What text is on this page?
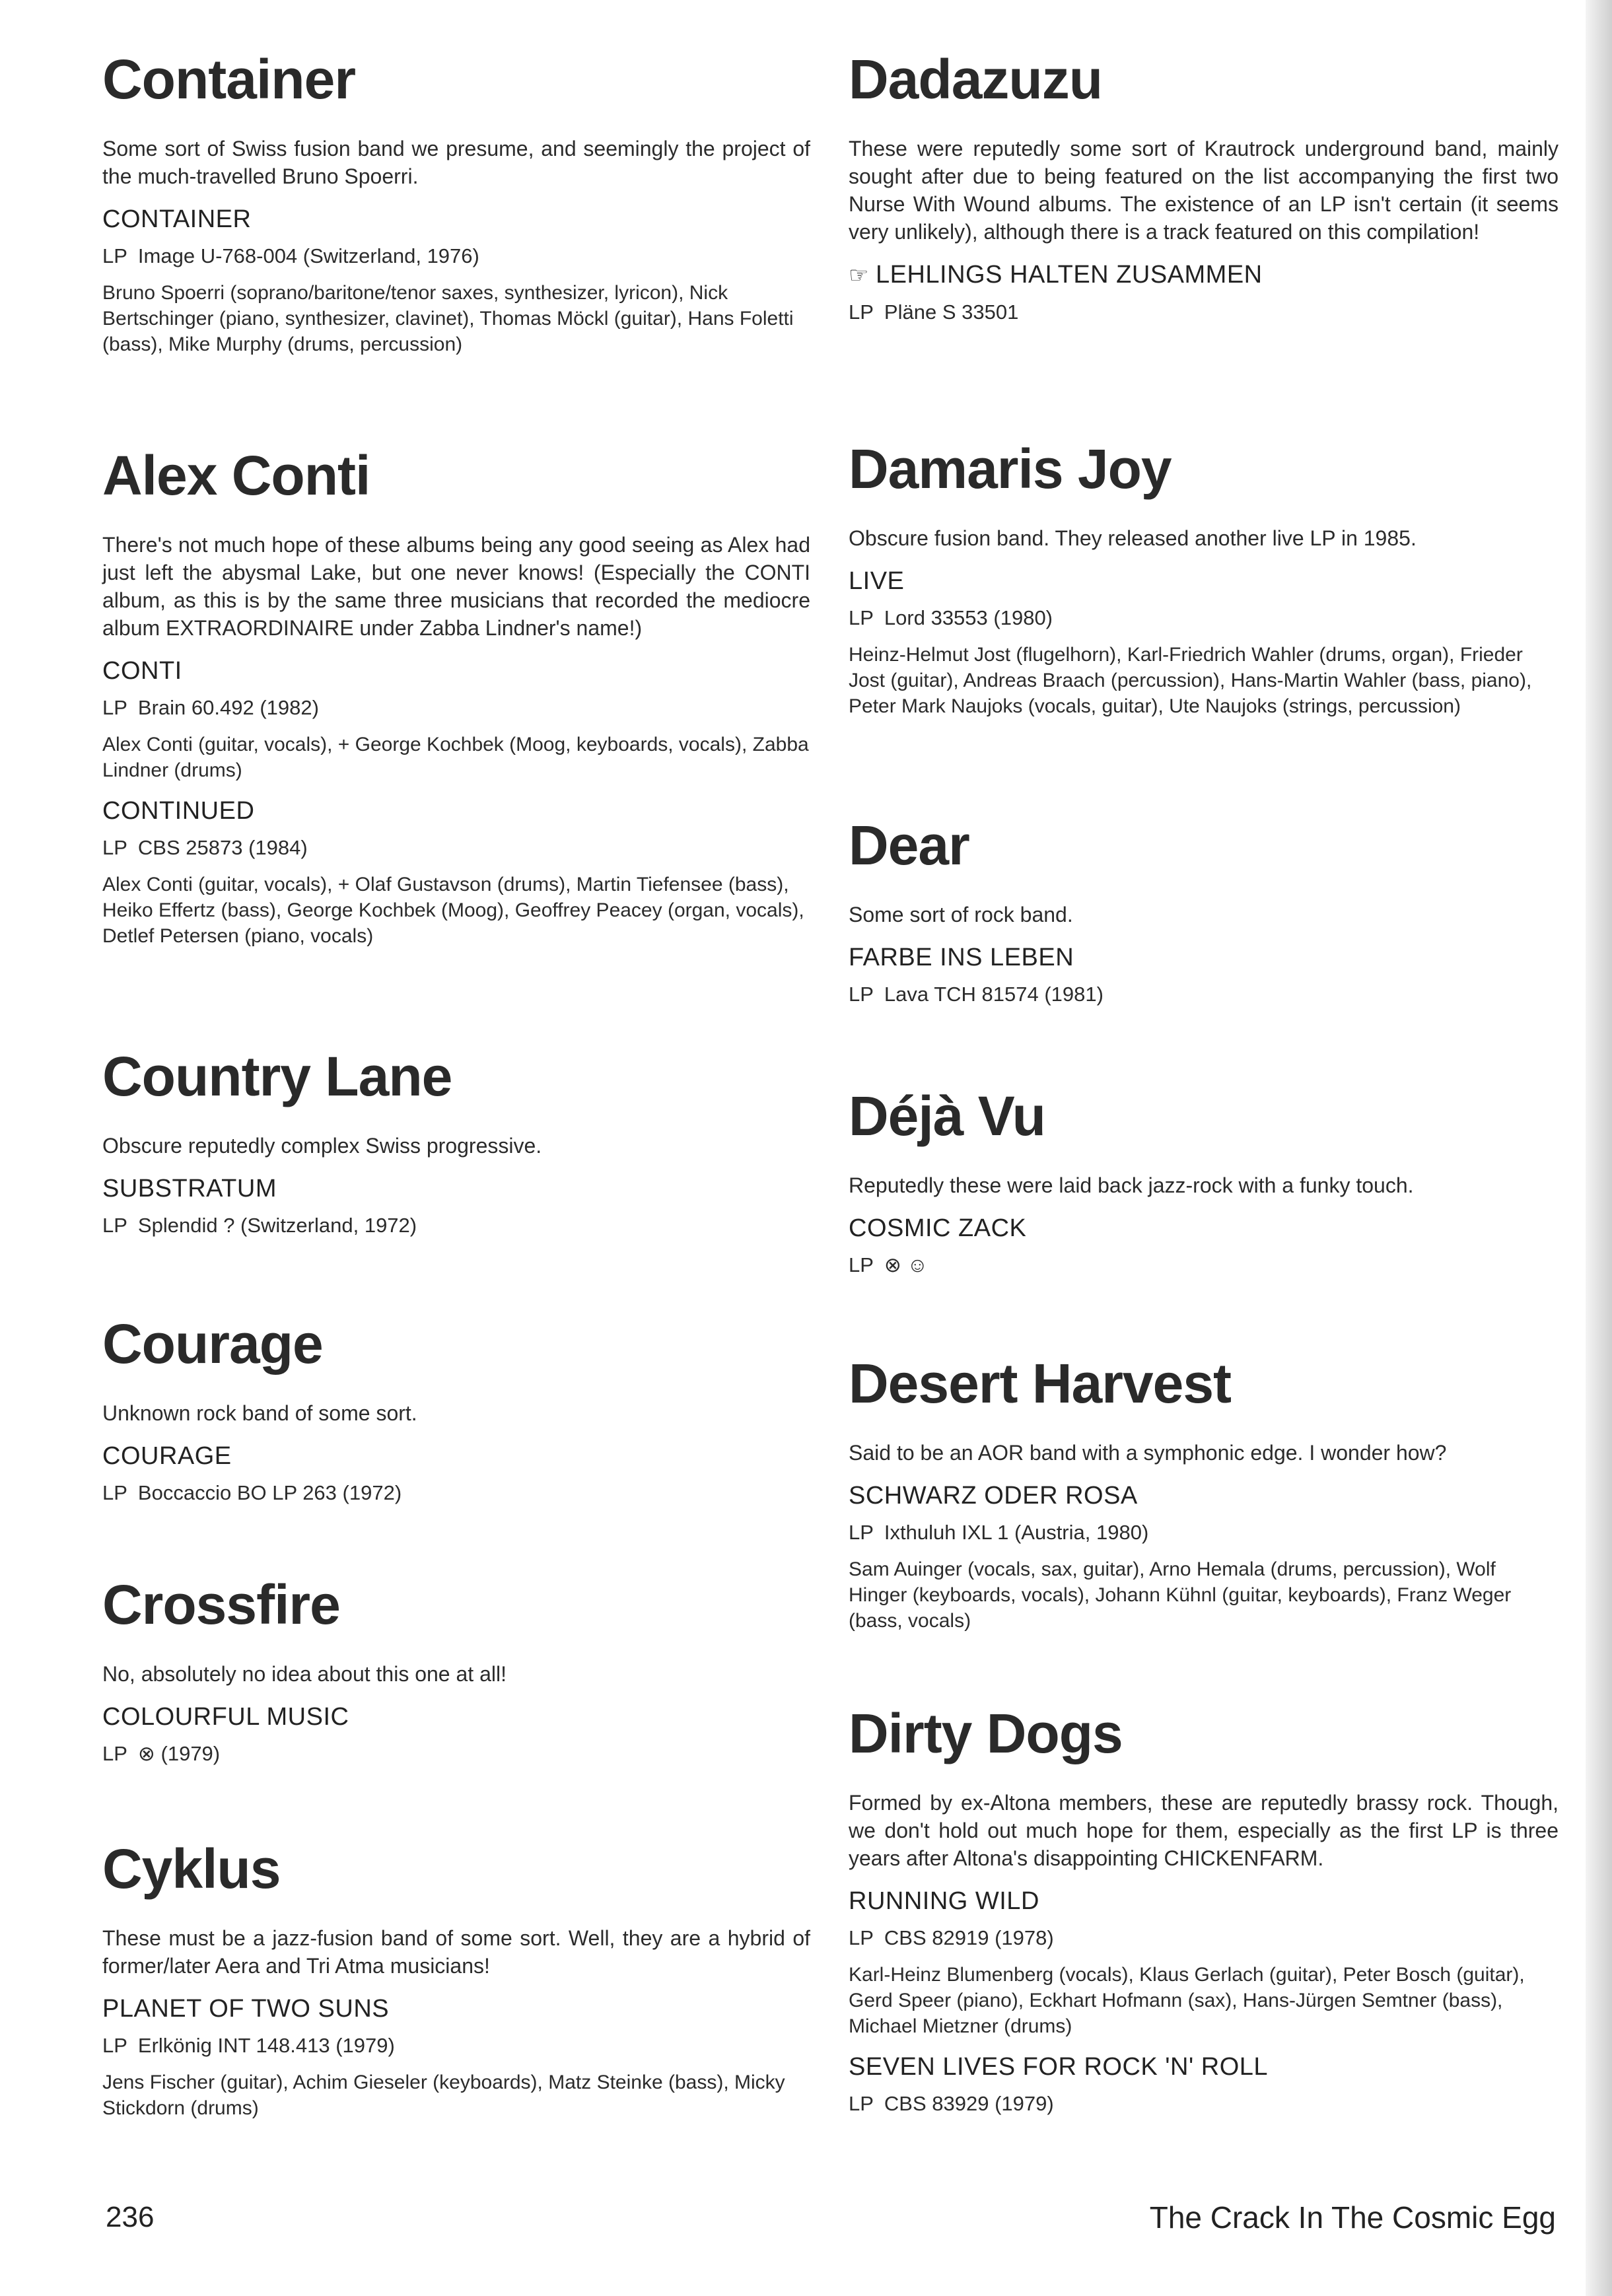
Container

Some sort of Swiss fusion band we presume, and seemingly the project of the much-travelled Bruno Spoerri.

CONTAINER
LP Image U-768-004 (Switzerland, 1976)
Bruno Spoerri (soprano/baritone/tenor saxes, synthesizer, lyricon), Nick Bertschinger (piano, synthesizer, clavinet), Thomas Möckl (guitar), Hans Foletti (bass), Mike Murphy (drums, percussion)
Alex Conti

There's not much hope of these albums being any good seeing as Alex had just left the abysmal Lake, but one never knows! (Especially the CONTI album, as this is by the same three musicians that recorded the mediocre album EXTRAORDINAIRE under Zabba Lindner's name!)

CONTI
LP Brain 60.492 (1982)
Alex Conti (guitar, vocals), + George Kochbek (Moog, keyboards, vocals), Zabba Lindner (drums)
CONTINUED
LP CBS 25873 (1984)
Alex Conti (guitar, vocals), + Olaf Gustavson (drums), Martin Tiefensee (bass), Heiko Effertz (bass), George Kochbek (Moog), Geoffrey Peacey (organ, vocals), Detlef Petersen (piano, vocals)
Country Lane

Obscure reputedly complex Swiss progressive.

SUBSTRATUM
LP Splendid ? (Switzerland, 1972)
Courage

Unknown rock band of some sort.

COURAGE
LP Boccaccio BO LP 263 (1972)
Crossfire

No, absolutely no idea about this one at all!

COLOURFUL MUSIC
LP ⊗ (1979)
Cyklus

These must be a jazz-fusion band of some sort. Well, they are a hybrid of former/later Aera and Tri Atma musicians!

PLANET OF TWO SUNS
LP Erlkönig INT 148.413 (1979)
Jens Fischer (guitar), Achim Gieseler (keyboards), Matz Steinke (bass), Micky Stickdorn (drums)
Dadazuzu

These were reputedly some sort of Krautrock underground band, mainly sought after due to being featured on the list accompanying the first two Nurse With Wound albums. The existence of an LP isn't certain (it seems very unlikely), although there is a track featured on this compilation!

☞ LEHLINGS HALTEN ZUSAMMEN
LP Pläne S 33501
Damaris Joy

Obscure fusion band. They released another live LP in 1985.

LIVE
LP Lord 33553 (1980)
Heinz-Helmut Jost (flugelhorn), Karl-Friedrich Wahler (drums, organ), Frieder Jost (guitar), Andreas Braach (percussion), Hans-Martin Wahler (bass, piano), Peter Mark Naujoks (vocals, guitar), Ute Naujoks (strings, percussion)
Dear

Some sort of rock band.

FARBE INS LEBEN
LP Lava TCH 81574 (1981)
Déjà Vu

Reputedly these were laid back jazz-rock with a funky touch.

COSMIC ZACK
LP ⊗ ☺
Desert Harvest

Said to be an AOR band with a symphonic edge. I wonder how?

SCHWARZ ODER ROSA
LP Ixthuluh IXL 1 (Austria, 1980)
Sam Auinger (vocals, sax, guitar), Arno Hemala (drums, percussion), Wolf Hinger (keyboards, vocals), Johann Kühnl (guitar, keyboards), Franz Weger (bass, vocals)
Dirty Dogs

Formed by ex-Altona members, these are reputedly brassy rock. Though, we don't hold out much hope for them, especially as the first LP is three years after Altona's disappointing CHICKENFARM.

RUNNING WILD
LP CBS 82919 (1978)
Karl-Heinz Blumenberg (vocals), Klaus Gerlach (guitar), Peter Bosch (guitar), Gerd Speer (piano), Eckhart Hofmann (sax), Hans-Jürgen Semtner (bass), Michael Mietzner (drums)
SEVEN LIVES FOR ROCK 'N' ROLL
LP CBS 83929 (1979)
236	The Crack In The Cosmic Egg
